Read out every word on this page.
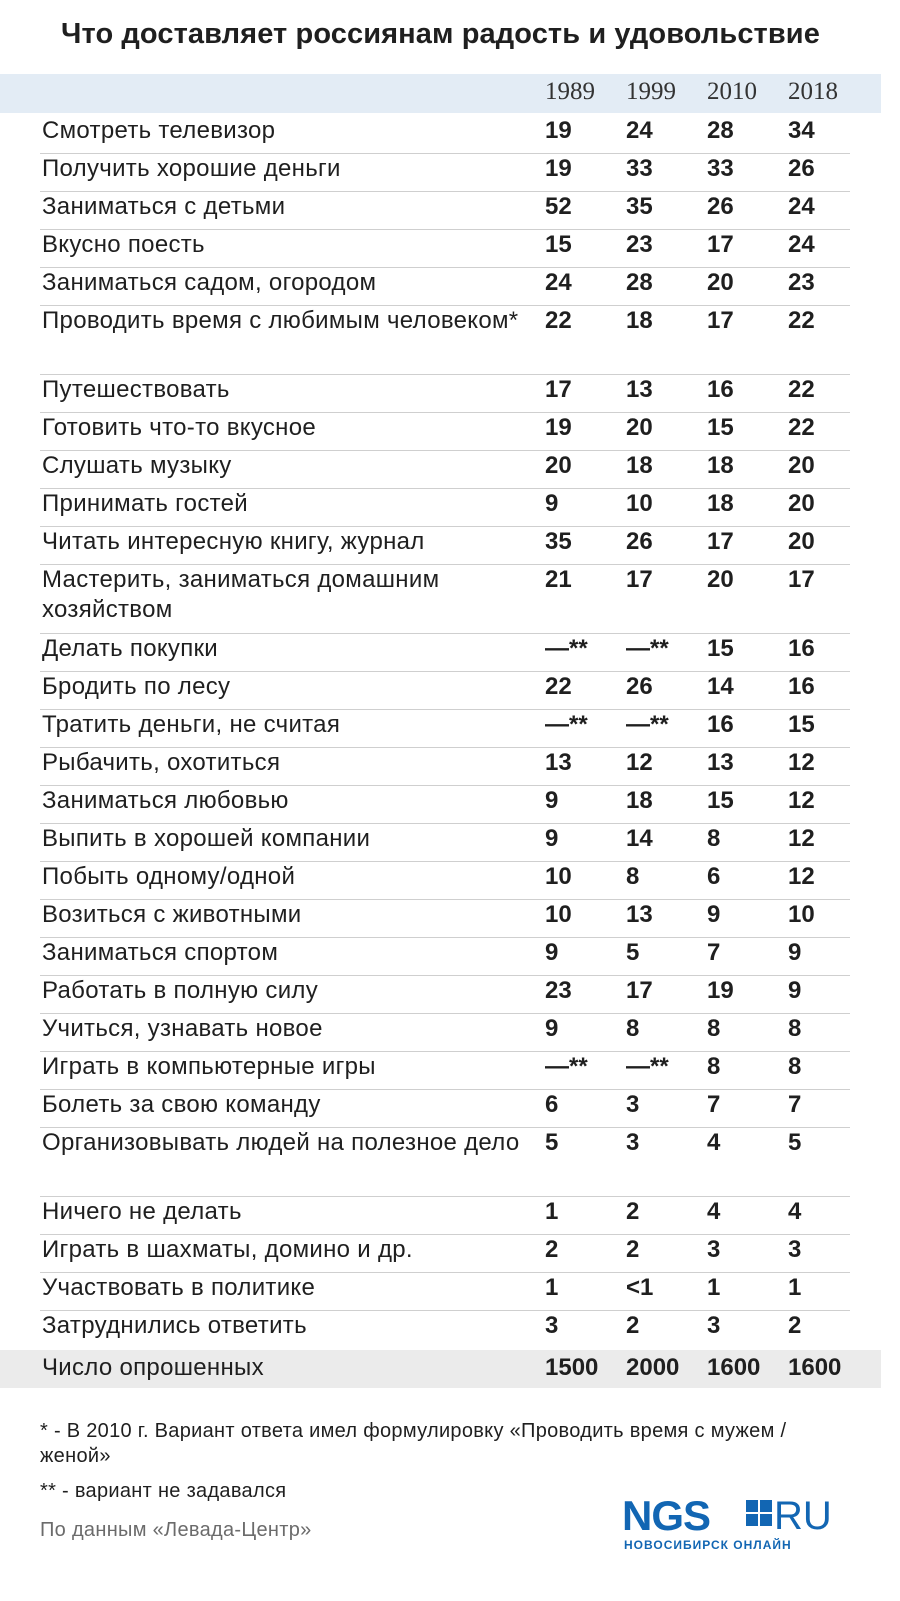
Что доставляет россиянам радость и удовольствие
1989 1999 2010 2018
Смотреть телевизор	19 24 28 34
Получить хорошие деньги	19 33 33 26
Заниматься с детьми	52 35 26 24
Вкусно поесть	15 23 17 24
Заниматься садом, огородом	24 28 20 23
Проводить время с любимым человеком* 22 18 17 22
Путешествовать	17 13 16 22
Готовить что-то вкусное	19 20 15 22
Слушать музыку	20 18 18 20
Принимать гостей	9	10 18 20
Читать интересную книгу, журнал	35 26 17 20
Мастерить, заниматься домашним хозяйством
21 17 20 17
Делать покупки	—** —** 15 16
Бродить по лесу	22 26 14 16
Тратить деньги, не считая	—** —** 16 15
Рыбачить, охотиться	13 12 13 12
Заниматься любовью	9	18 15 12
Выпить в хорошей компании	9	14 8	12
Побыть одному/одной	10 8	6	12
Возиться с животными	10 13 9	10
Заниматься спортом	9	5	7	9
Работать в полную силу	23 17 19 9
Учиться, узнавать новое	9	8	8	8
Играть в компьютерные игры	—** —** 8	8
Болеть за свою команду	6	3	7	7
Организовывать людей на полезное дело 5	3	4	5
Ничего не делать	1	2	4	4
Играть в шахматы, домино и др.	2	2	3	3
Участвовать в политике	1	<1 1	1
Затруднились ответить	3	2	3	2
Число опрошенных	1500 2000 1600 1600
* - В 2010 г. Вариант ответа имел формулировку «Проводить время с мужем / женой»
** - вариант не задавался
По данным «Левада-Центр»	NGS RU
НОВОСИБИРСК ОНЛАЙН
